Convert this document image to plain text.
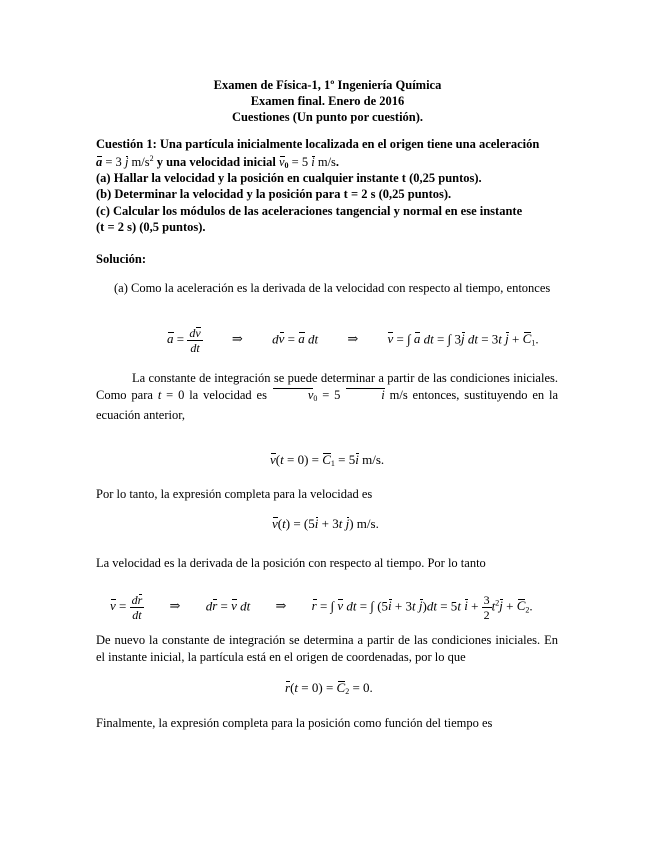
Examen de Física-1, 1º Ingeniería Química
Examen final. Enero de 2016
Cuestiones (Un punto por cuestión).
Cuestión 1: Una partícula inicialmente localizada en el origen tiene una aceleración
a = 3 j $m/s^2$ y una velocidad inicial $v_0 = 5$ i m/s.
(a) Hallar la velocidad y la posición en cualquier instante t (0,25 puntos).
(b) Determinar la velocidad y la posición para t = 2 s (0,25 puntos).
(c) Calcular los módulos de las aceleraciones tangencial y normal en ese instante
(t = 2 s) (0,5 puntos).
Solución:
(a) Como la aceleración es la derivada de la velocidad con respecto al tiempo, entonces
$a = \frac{dv}{dt}$ ⇒ dv = a dt ⇒ v = ∫ a dt = ∫ 3j dt = 3t $j + C_1$.
La constante de integración se puede determinar a partir de las condiciones iniciales. Como para t = 0 la velocidad es	$v_0 = 5$	i m/s entonces, sustituyendo en la ecuación anterior,
$v(t = 0) = C_1 = 5i$ m/s.
Por lo tanto, la expresión completa para la velocidad es
v(t) = (5i + 3t j) m/s.
La velocidad es la derivada de la posición con respecto al tiempo. Por lo tanto
$v = \frac{dr}{dt}$ ⇒ dr = v dt ⇒ r = ∫ v dt = ∫ (5i + 3t j)dt = 5t $i + \frac{3}{2} t^2j + C_2$.
De nuevo la constante de integración se determina a partir de las condiciones iniciales. En el instante inicial, la partícula está en el origen de coordenadas, por lo que
$r(t = 0) = C_2 = 0$.
Finalmente, la expresión completa para la posición como función del tiempo es
